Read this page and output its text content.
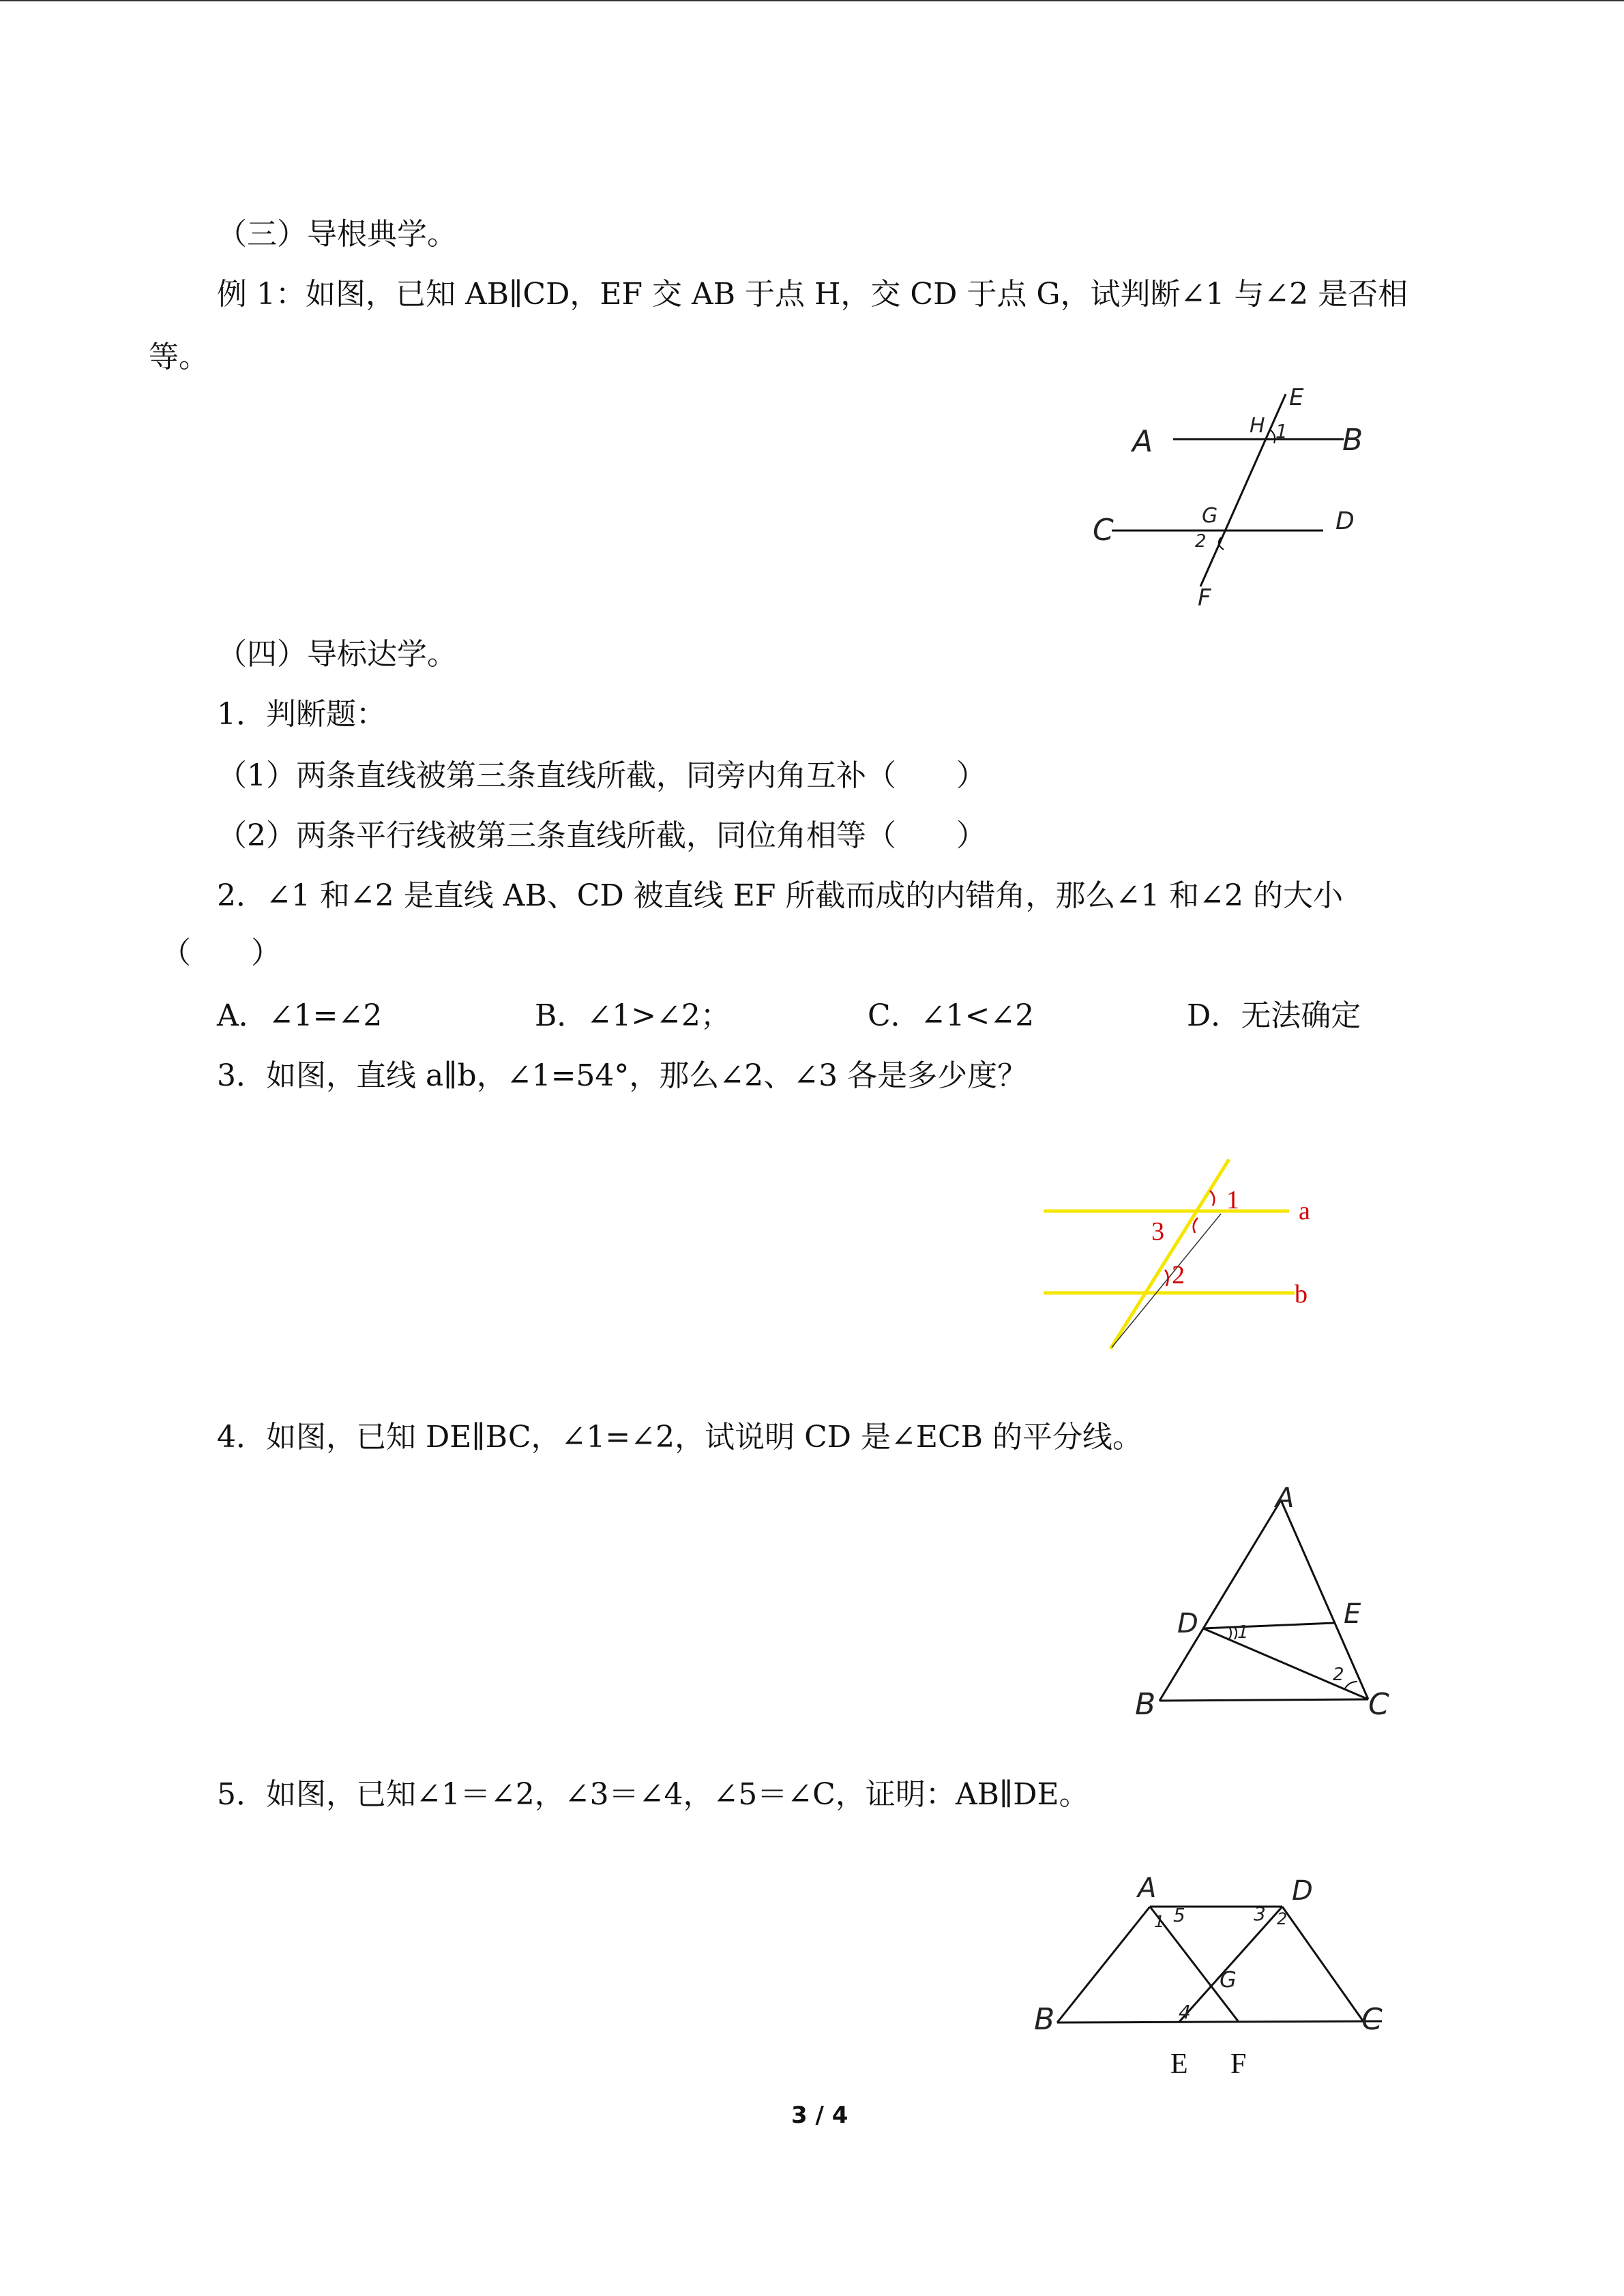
（三）导根典学。
例 1：如图，已知 AB∥CD，EF 交 AB 于点 H，交 CD 于点 G，试判断∠1 与∠2 是否相
等。
A	B
C	D
E
F
H 1
G
2
（四）导标达学。
1．判断题：
（1）两条直线被第三条直线所截，同旁内角互补（　　）
（2）两条平行线被第三条直线所截，同位角相等（　　）
2．∠1 和∠2 是直线 AB、CD 被直线 EF 所截而成的内错角，那么∠1 和∠2 的大小
（　　）
A．∠1=∠2	B．∠1>∠2；	C．∠1<∠2	D．无法确定
3．如图，直线 a∥b，∠1=54°，那么∠2、∠3 各是多少度？
1
3
2
a
b
4．如图，已知 DE∥BC，∠1=∠2，试说明 CD 是∠ECB 的平分线。
A
D	E
B	C
1
2
5．如图，已知∠1＝∠2，∠3＝∠4，∠5＝∠C，证明：AB∥DE。
A	D
B	C
G
1 5	3 2
4
E F
3 / 4
